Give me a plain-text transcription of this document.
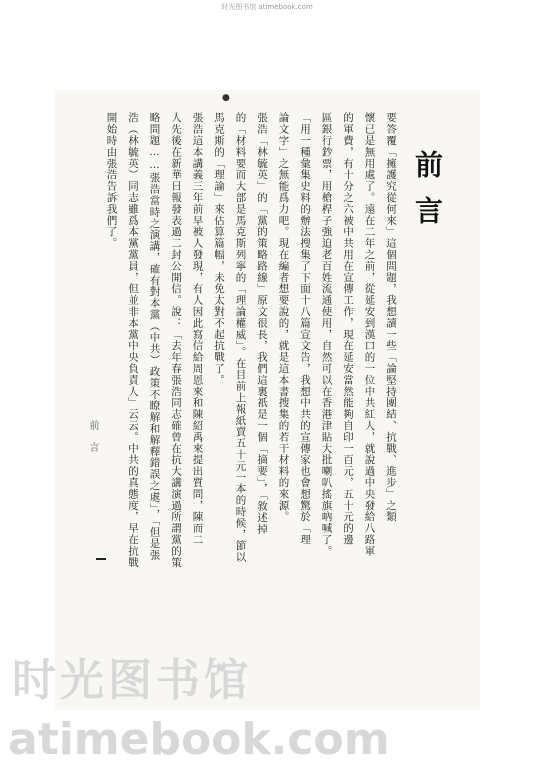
时光图书馆 atimebook.com
●
前言
要答覆「擁護究從何來」這個問題，我想讀一些「論堅持團結、抗戰、進步」之類
懷已是無用處了。遠在二年之前，從延安到漢口的一位中共紅人，就說過中央發給八路軍
的軍費，有十分之六被中共用在宣傳工作，現在延安當然能夠自印一百元，五十元的邊
區銀行鈔票，用槍桿子強迫老百姓流通使用，自然可以在香港津貼大批喇叭搖旗吶喊了。
「用一種彙集史料的辦法搜集了下面十八篇宣文告，我想中共的宣傳家也會想驚於「理
論文字」之無能爲力吧。現在編者想要說的，就是這本書搜集的若干材料的來源。
張浩「林毓英」的「黨的策略路線」原文很長，我們這裏祇是一個「摘要」，「敘述掉
的「材料要而大部是馬克斯列寧的「理論權威」。在目前上報紙賣五十元一本的時候，節以
馬克斯的「理論」來估算篇幅，未免太對不起抗戰了。
張浩這本講義三年前早被人發現，有人因此寫信給周恩來和陳紹禹來提出質問，陳而二
人先後在新華日報發表過二封公開信。說：「去年春張浩同志確曾在抗大講演過所謂黨的策
略問題……張浩當時之演講，確有對本黨（中共）政策不瞭解和解釋錯誤之處」，「但是張
浩（林毓英）同志雖爲本黨黨員，但並非本黨中央負責人」云云。中共的真態度，早在抗戰
開始時由張浩告訴我們了。
前言
时光图书馆
atimebook.com
